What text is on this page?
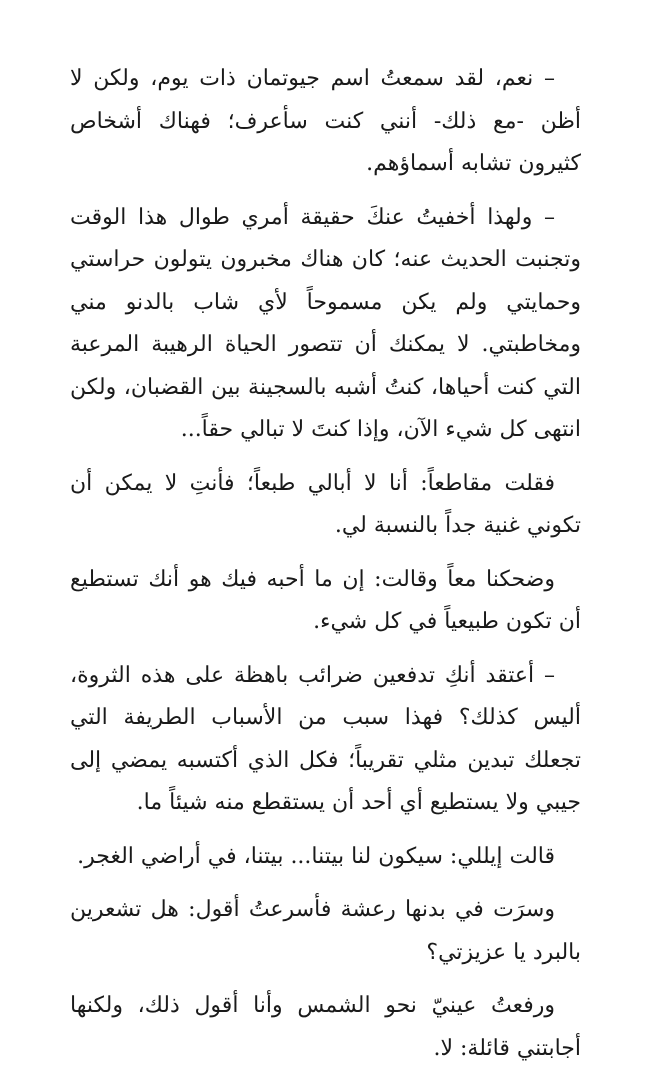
– نعم، لقد سمعتُ اسم جيوتمان ذات يوم، ولكن لا أظن -مع ذلك- أنني كنت سأعرف؛ فهناك أشخاص كثيرون تشابه أسماؤهم.

– ولهذا أخفيتُ عنكَ حقيقة أمري طوال هذا الوقت وتجنبت الحديث عنه؛ كان هناك مخبرون يتولون حراستي وحمايتي ولم يكن مسموحاً لأي شاب بالدنو مني ومخاطبتي. لا يمكنك أن تتصور الحياة الرهيبة المرعبة التي كنت أحياها، كنتُ أشبه بالسجينة بين القضبان، ولكن انتهى كل شيء الآن، وإذا كنتَ لا تبالي حقاً...

فقلت مقاطعاً: أنا لا أبالي طبعاً؛ فأنتِ لا يمكن أن تكوني غنية جداً بالنسبة لي.

وضحكنا معاً وقالت: إن ما أحبه فيك هو أنك تستطيع أن تكون طبيعياً في كل شيء.

– أعتقد أنكِ تدفعين ضرائب باهظة على هذه الثروة، أليس كذلك؟ فهذا سبب من الأسباب الطريفة التي تجعلك تبدين مثلي تقريباً؛ فكل الذي أكتسبه يمضي إلى جيبي ولا يستطيع أي أحد أن يستقطع منه شيئاً ما.

قالت إيللي: سيكون لنا بيتنا... بيتنا، في أراضي الغجر.

وسرَت في بدنها رعشة فأسرعتُ أقول: هل تشعرين بالبرد يا عزيزتي؟

ورفعتُ عينيّ نحو الشمس وأنا أقول ذلك، ولكنها أجابتني قائلة: لا.
